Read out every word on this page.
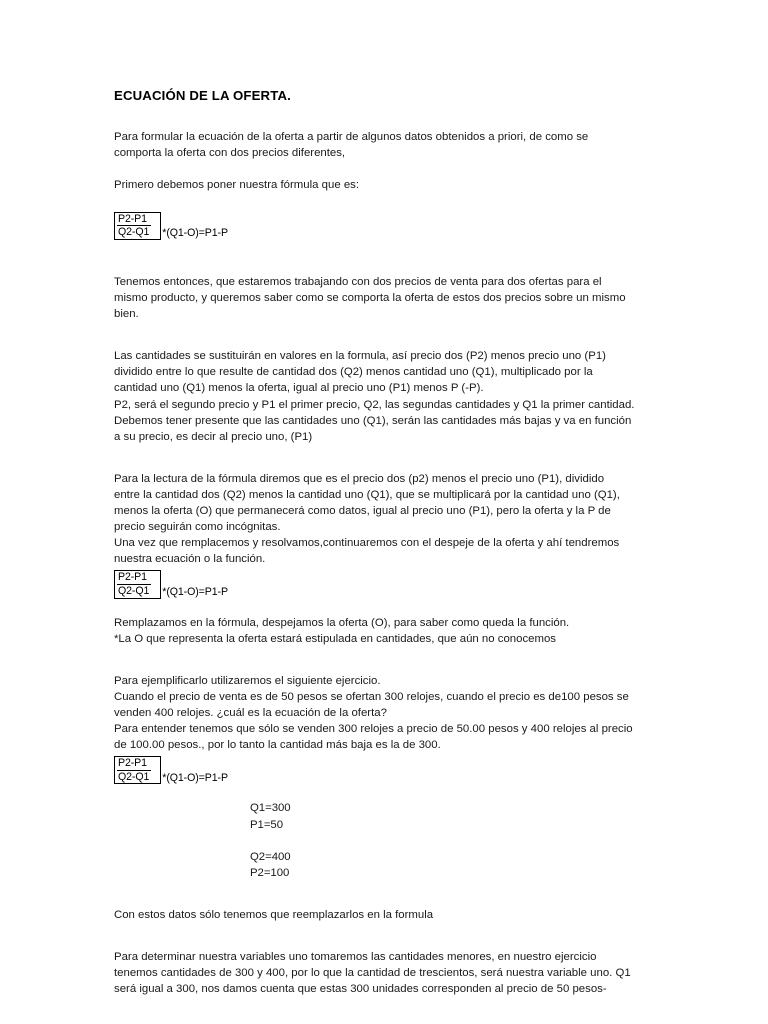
ECUACIÓN DE LA OFERTA.

Para formular la ecuación de la oferta a partir de algunos datos obtenidos a priori, de como se
comporta la oferta con dos precios diferentes,

Primero debemos poner nuestra fórmula que es:

$\frac{P2-P1}{Q2-Q1} *(Q1-O)=P1-P$

Tenemos entonces, que estaremos trabajando con dos precios de venta para dos ofertas para el
mismo producto, y queremos saber como se comporta la oferta de estos dos precios sobre un mismo
bien.

Las cantidades se sustituirán en valores en la formula, así precio dos (P2) menos precio uno (P1)
dividido entre lo que resulte de cantidad dos (Q2) menos cantidad uno (Q1), multiplicado por la
cantidad uno (Q1) menos la oferta, igual al precio uno (P1) menos P (-P).
P2, será el segundo precio y P1 el primer precio, Q2, las segundas cantidades y Q1 la primer cantidad.
Debemos tener presente que las cantidades uno (Q1), serán las cantidades más bajas y va en función
a su precio, es decir al precio uno, (P1)

Para la lectura de la fórmula diremos que es el precio dos (p2) menos el precio uno (P1), dividido
entre la cantidad dos (Q2) menos la cantidad uno (Q1), que se multiplicará por la cantidad uno (Q1),
menos la oferta (O) que permanecerá como datos, igual al precio uno (P1), pero la oferta y la P de
precio seguirán como incógnitas.
Una vez que remplacemos y resolvamos,continuaremos con el despeje de la oferta y ahí tendremos
nuestra ecuación o la función.

$\frac{P2-P1}{Q2-Q1} *(Q1-O)=P1-P$

Remplazamos en la fórmula, despejamos la oferta (O), para saber como queda la función.
*La O que representa la oferta estará estipulada en cantidades, que aún no conocemos

Para ejemplificarlo utilizaremos el siguiente ejercicio.
Cuando el precio de venta es de 50 pesos se ofertan 300 relojes, cuando el precio es de100 pesos se
venden 400 relojes. ¿cuál es la ecuación de la oferta?
Para entender tenemos que sólo se venden 300 relojes a precio de 50.00 pesos y 400 relojes al precio
de 100.00 pesos., por lo tanto la cantidad más baja es la de 300.

$\frac{P2-P1}{Q2-Q1} *(Q1-O)=P1-P$
Q1=300
P1=50
Q2=400
P2=100

Con estos datos sólo tenemos que reemplazarlos en la formula

Para determinar nuestra variables uno tomaremos las cantidades menores, en nuestro ejercicio
tenemos cantidades de 300 y 400, por lo que la cantidad de trescientos, será nuestra variable uno. Q1
será igual a 300, nos damos cuenta que estas 300 unidades corresponden al precio de 50 pesos-
